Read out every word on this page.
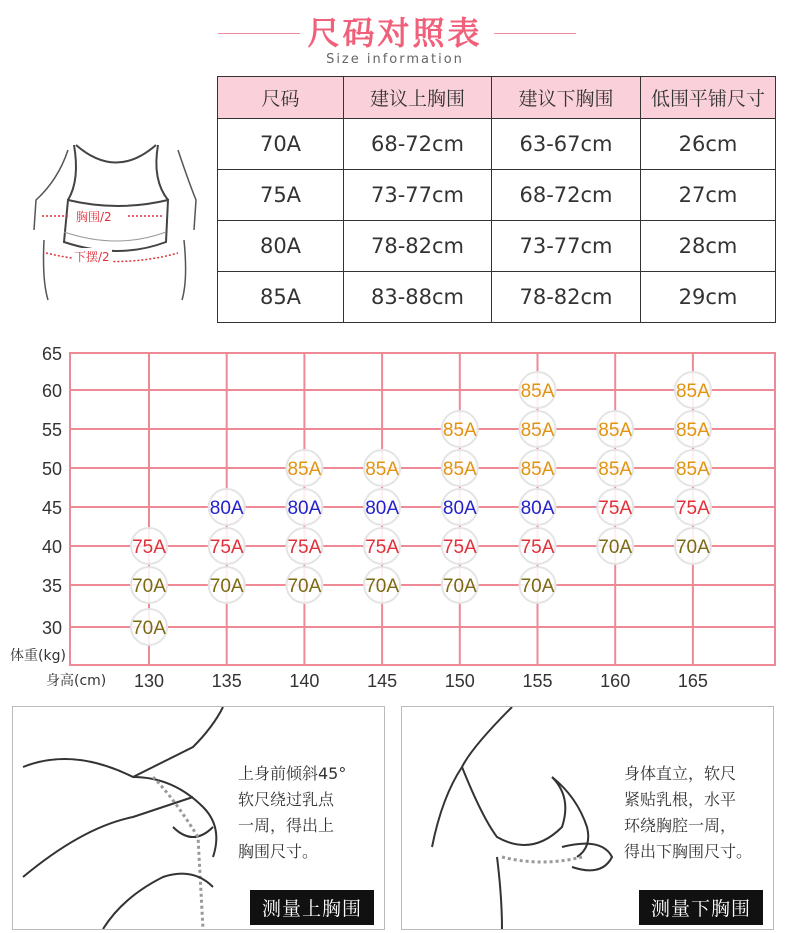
尺码对照表
Size information
胸围/2
下摆/2
尺码	建议上胸围	建议下胸围	低围平铺尺寸
70A	68-72cm	63-67cm	26cm
75A	73-77cm	68-72cm	27cm
80A	78-82cm	73-77cm	28cm
85A	83-88cm	78-82cm	29cm
30
35
40
45
50
55
60
65
130	135	140	145	150	155	160	165
体重(kg)
身高(cm)
70A
70A 70A 70A 70A 70A 70A
75A 75A 75A 75A 75A 75A 70A 70A
80A 80A 80A 80A 80A 75A 75A
85A 85A 85A 85A 85A 85A
85A 85A 85A 85A
85A	85A
上身前倾斜45°
软尺绕过乳点
一周，得出上
胸围尺寸。
测量上胸围
身体直立，软尺
紧贴乳根，水平
环绕胸腔一周，
得出下胸围尺寸。
测量下胸围
